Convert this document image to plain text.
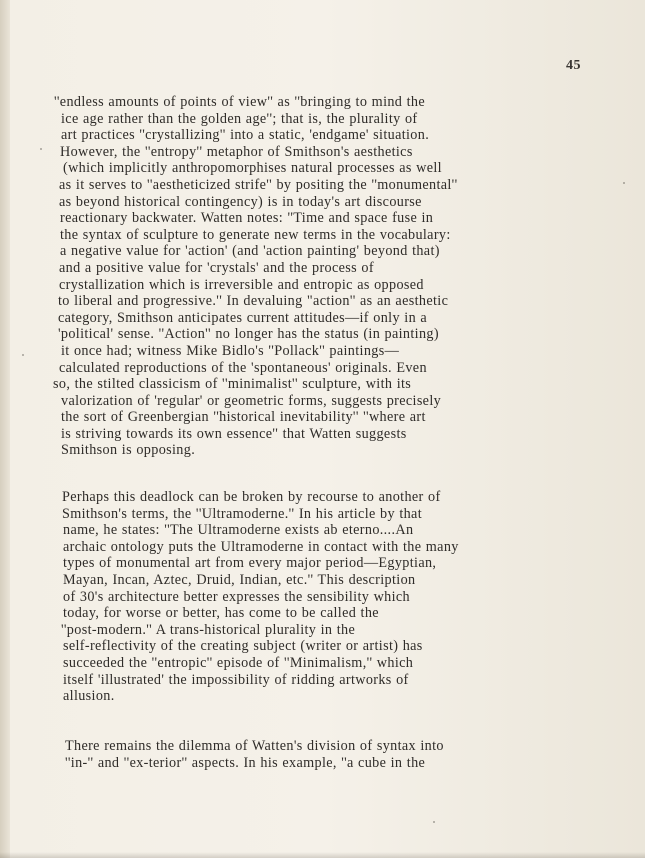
45
''endless amounts of points of view'' as ''bringing to mind the
ice age rather than the golden age''; that is, the plurality of
art practices ''crystallizing'' into a static, 'endgame' situation.
However, the ''entropy'' metaphor of Smithson's aesthetics
(which implicitly anthropomorphises natural processes as well
as it serves to ''aestheticized strife'' by positing the ''monumental''
as beyond historical contingency) is in today's art discourse
reactionary backwater. Watten notes: ''Time and space fuse in
the syntax of sculpture to generate new terms in the vocabulary:
a negative value for 'action' (and 'action painting' beyond that)
and a positive value for 'crystals' and the process of
crystallization which is irreversible and entropic as opposed
to liberal and progressive.'' In devaluing "action'' as an aesthetic
category, Smithson anticipates current attitudes—if only in a
'political' sense. ''Action'' no longer has the status (in painting)
it once had; witness Mike Bidlo's ''Pollack'' paintings—
calculated reproductions of the 'spontaneous' originals. Even
so, the stilted classicism of ''minimalist'' sculpture, with its
valorization of 'regular' or geometric forms, suggests precisely
the sort of Greenbergian ''historical inevitability'' ''where art
is striving towards its own essence'' that Watten suggests
Smithson is opposing.
Perhaps this deadlock can be broken by recourse to another of
Smithson's terms, the ''Ultramoderne.'' In his article by that
name, he states: ''The Ultramoderne exists ab eterno....An
archaic ontology puts the Ultramoderne in contact with the many
types of monumental art from every major period—Egyptian,
Mayan, Incan, Aztec, Druid, Indian, etc.'' This description
of 30's architecture better expresses the sensibility which
today, for worse or better, has come to be called the
''post-modern.'' A trans-historical plurality in the
self-reflectivity of the creating subject (writer or artist) has
succeeded the ''entropic'' episode of ''Minimalism,'' which
itself 'illustrated' the impossibility of ridding artworks of
allusion.
There remains the dilemma of Watten's division of syntax into
''in-'' and ''ex-terior'' aspects. In his example, ''a cube in the
